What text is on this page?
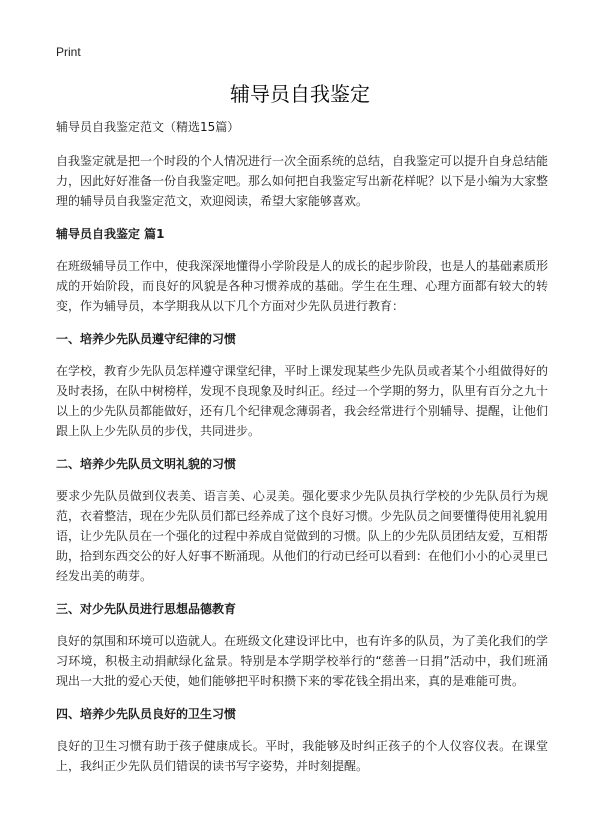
Print
辅导员自我鉴定

辅导员自我鉴定范文（精选15篇）

自我鉴定就是把一个时段的个人情况进行一次全面系统的总结，自我鉴定可以提升自身总结能力，因此好好准备一份自我鉴定吧。那么如何把自我鉴定写出新花样呢？以下是小编为大家整理的辅导员自我鉴定范文，欢迎阅读，希望大家能够喜欢。

辅导员自我鉴定 篇1

在班级辅导员工作中，使我深深地懂得小学阶段是人的成长的起步阶段，也是人的基础素质形成的开始阶段，而良好的风貌是各种习惯养成的基础。学生在生理、心理方面都有较大的转变，作为辅导员，本学期我从以下几个方面对少先队员进行教育：

一、培养少先队员遵守纪律的习惯

在学校，教育少先队员怎样遵守课堂纪律，平时上课发现某些少先队员或者某个小组做得好的及时表扬，在队中树榜样，发现不良现象及时纠正。经过一个学期的努力，队里有百分之九十以上的少先队员都能做好，还有几个纪律观念薄弱者，我会经常进行个别辅导、提醒，让他们跟上队上少先队员的步伐，共同进步。

二、培养少先队员文明礼貌的习惯

要求少先队员做到仪表美、语言美、心灵美。强化要求少先队员执行学校的少先队员行为规范，衣着整洁，现在少先队员们都已经养成了这个良好习惯。少先队员之间要懂得使用礼貌用语，让少先队员在一个强化的过程中养成自觉做到的习惯。队上的少先队员团结友爱，互相帮助，拾到东西交公的好人好事不断涌现。从他们的行动已经可以看到：在他们小小的心灵里已经发出美的萌芽。

三、对少先队员进行思想品德教育

良好的氛围和环境可以造就人。在班级文化建设评比中，也有许多的队员，为了美化我们的学习环境，积极主动捐献绿化盆景。特别是本学期学校举行的“慈善一日捐”活动中，我们班涌现出一大批的爱心天使，她们能够把平时积攒下来的零花钱全捐出来，真的是难能可贵。

四、培养少先队员良好的卫生习惯

良好的卫生习惯有助于孩子健康成长。平时，我能够及时纠正孩子的个人仪容仪表。在课堂上，我纠正少先队员们错误的读书写字姿势，并时刻提醒。
